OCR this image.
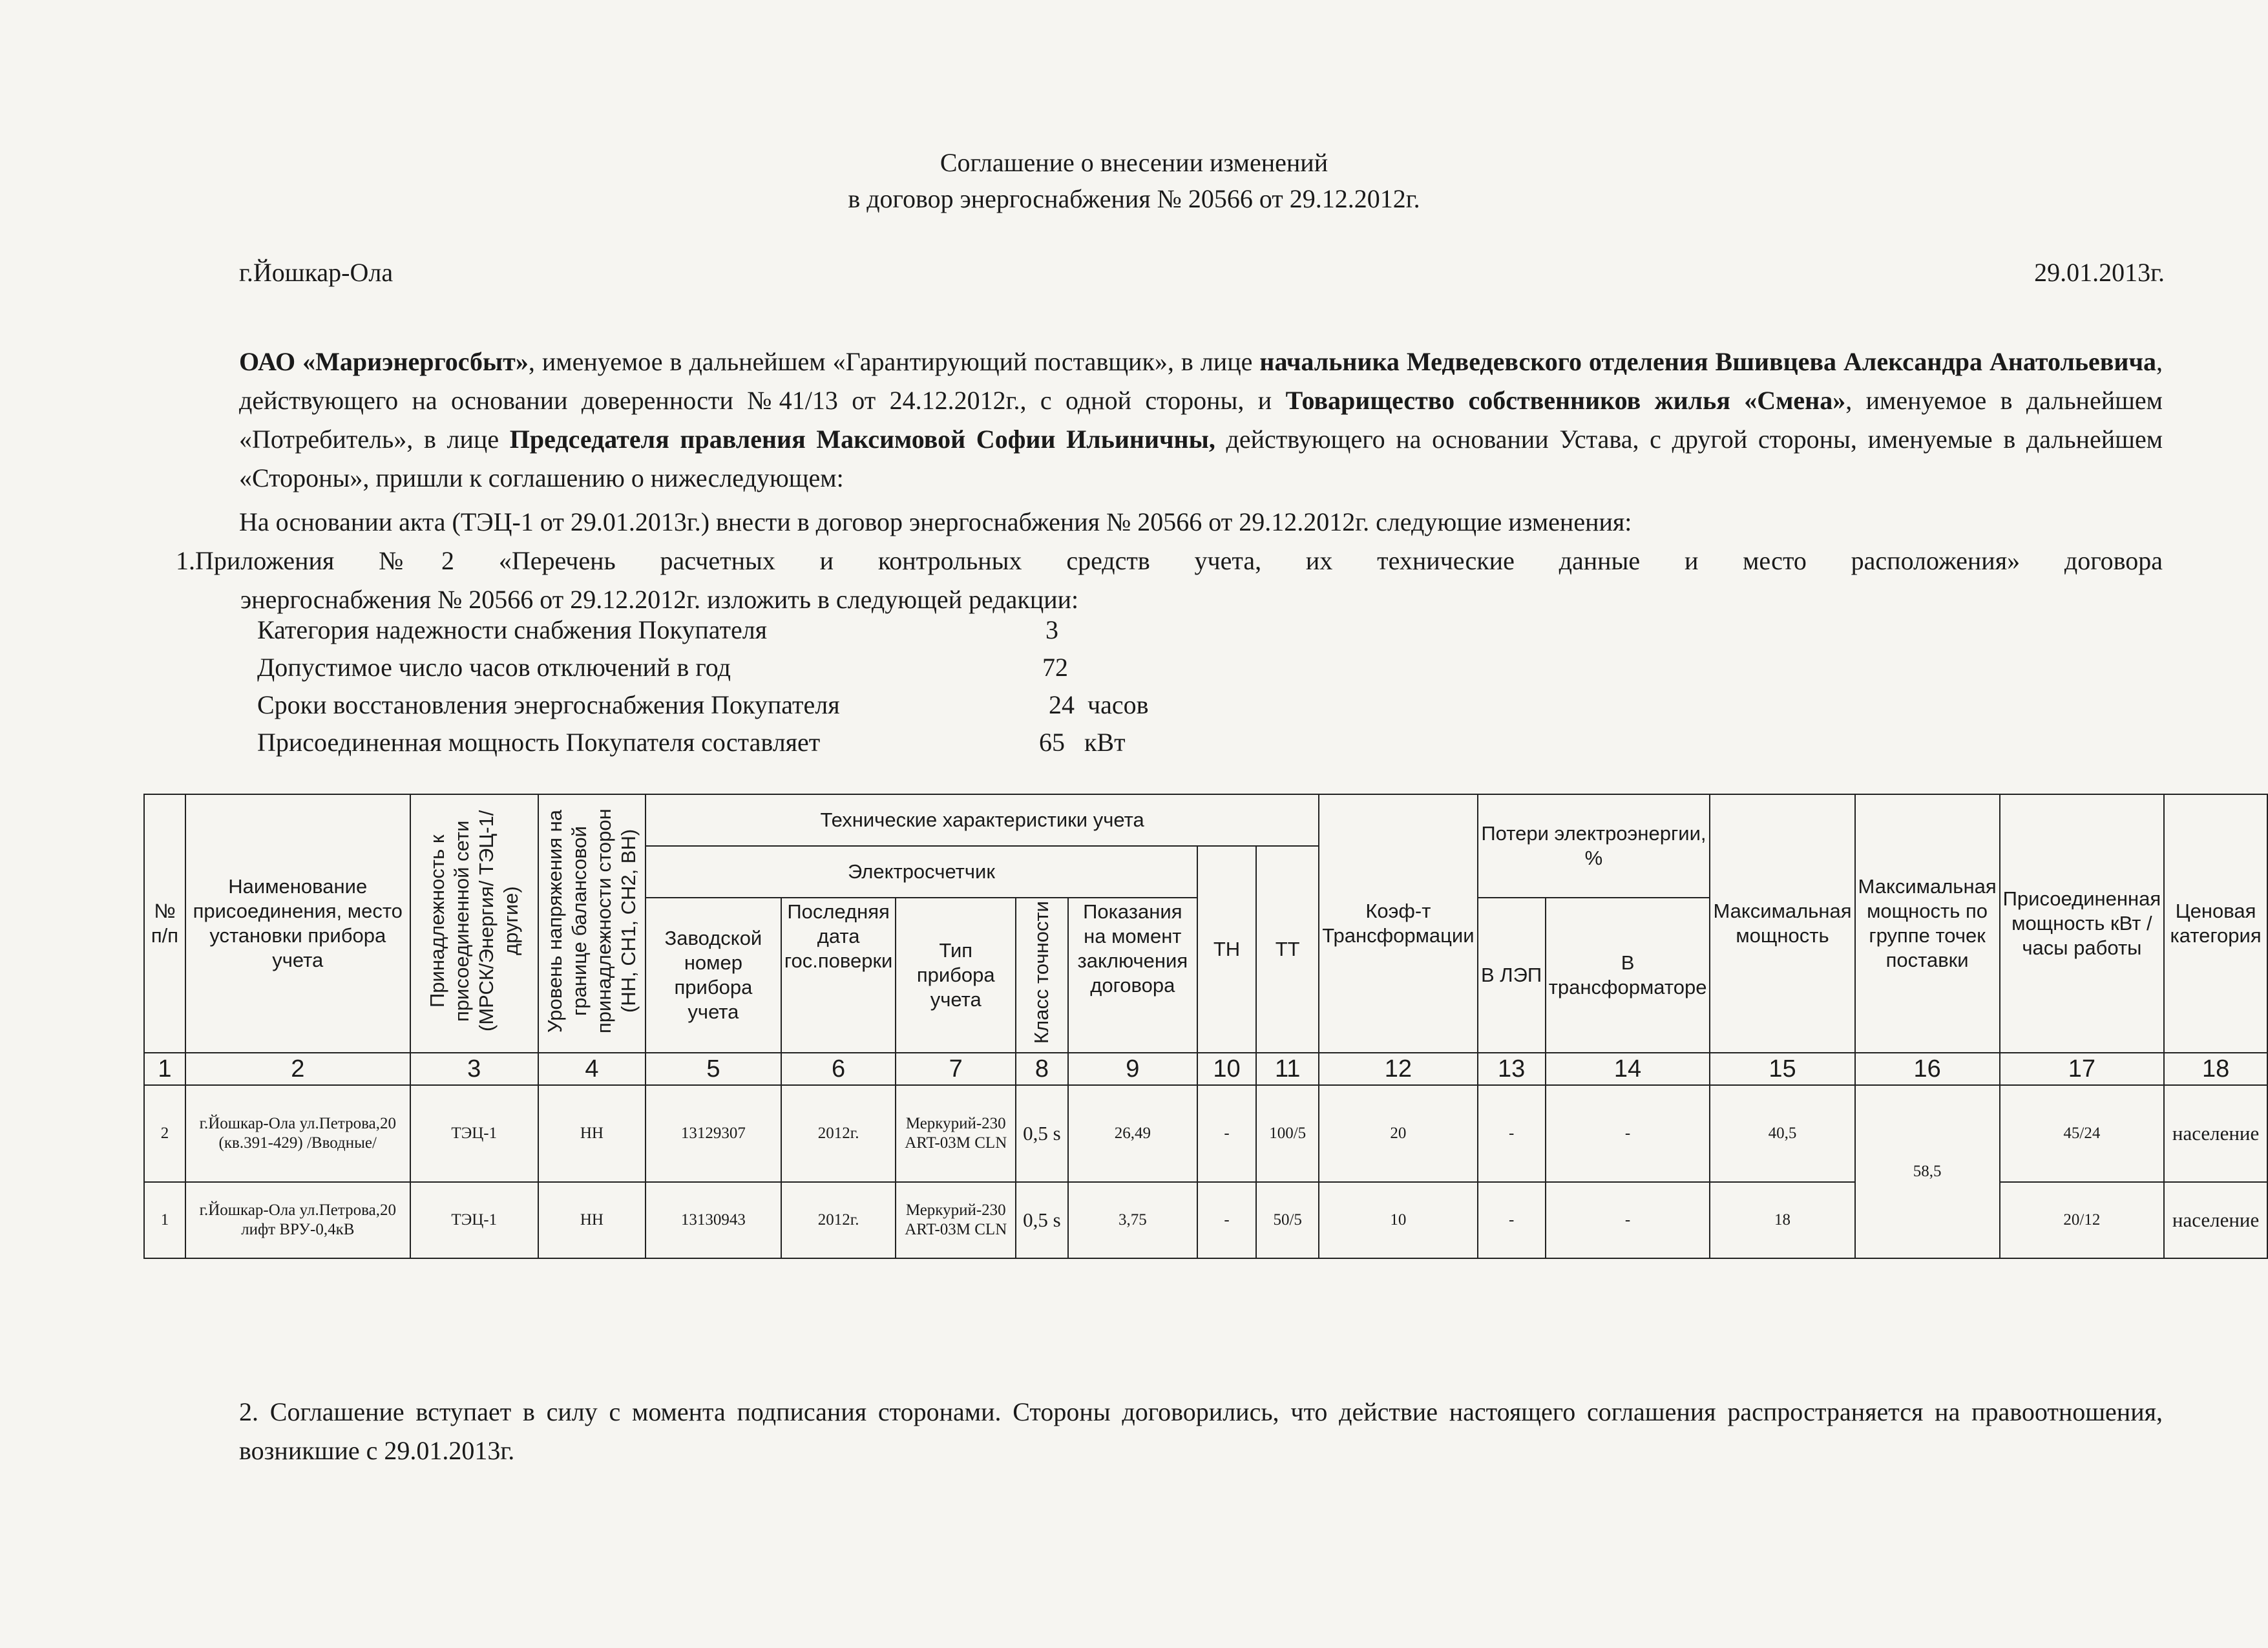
Соглашение о внесении изменений
в договор энергоснабжения № 20566 от 29.12.2012г.
г.Йошкар-Ола	29.01.2013г.
ОАО «Мариэнергосбыт», именуемое в дальнейшем «Гарантирующий поставщик», в лице начальника Медведевского отделения Вшивцева Александра Анатольевича, действующего на основании доверенности №41/13 от 24.12.2012г., с одной стороны, и Товарищество собственников жилья «Смена», именуемое в дальнейшем «Потребитель», в лице Председателя правления Максимовой Софии Ильиничны, действующего на основании Устава, с другой стороны, именуемые в дальнейшем «Стороны», пришли к соглашению о нижеследующем:
На основании акта (ТЭЦ-1 от 29.01.2013г.) внести в договор энергоснабжения № 20566 от 29.12.2012г. следующие изменения:
1.Приложения №2 «Перечень расчетных и контрольных средств учета, их технические данные и место расположения» договора
энергоснабжения № 20566 от 29.12.2012г. изложить в следующей редакции:
Категория надежности снабжения Покупателя	3
Допустимое число часов отключений в год	72
Сроки восстановления энергоснабжения Покупателя	24  часов
Присоединенная мощность Покупателя составляет	65   кВт
№ п/п	Наименование присоединения, место установки прибора учета	Принадлежность к присоединенной сети (МРСК/Энергия/ ТЭЦ-1/другие)	Уровень напряжения на границе балансовой принадлежности сторон (НН, СН1, СН2, ВН)	Технические характеристики учета							Коэф-т Трансформации	Потери электроэнергии, %		Максимальная мощность	Максимальная мощность по группе точек поставки	Присоединенная мощность кВт /часы работы	Ценовая категория
				Электросчетчик					ТН	ТТ							
				Заводской номер прибора учета	Последняя дата гос.поверки	Тип прибора учета	Класс точности	Показания на момент заключения договора				В ЛЭП	В трансформаторе				

1	2	3	4	5	6	7	8	9	10	11	12	13	14	15	16	17	18
2	г.Йошкар-Ола ул.Петрова,20 (кв.391-429) /Вводные/	ТЭЦ-1	НН	13129307	2012г.	Меркурий-230 ART-03M CLN	0,5 s	26,49	-	100/5	20	-	-	40,5	58,5	45/24	население
1	г.Йошкар-Ола ул.Петрова,20 лифт ВРУ-0,4кВ	ТЭЦ-1	НН	13130943	2012г.	Меркурий-230 ART-03M CLN	0,5 s	3,75	-	50/5	10	-	-	18		20/12	население
2. Соглашение вступает в силу с момента подписания сторонами. Стороны договорились, что действие настоящего соглашения распространяется на правоотношения, возникшие с 29.01.2013г.
